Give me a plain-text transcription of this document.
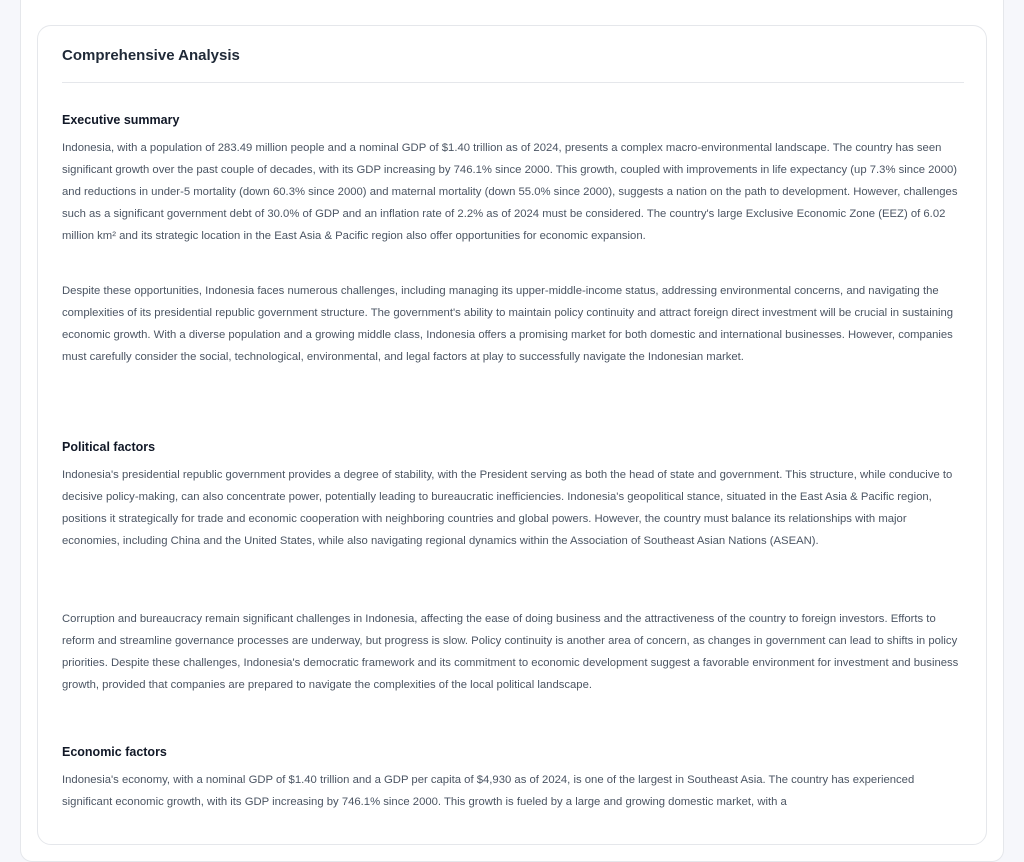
Comprehensive Analysis
Executive summary

Indonesia, with a population of 283.49 million people and a nominal GDP of $1.40 trillion as of 2024, presents a complex macro-environmental landscape. The country has seen significant growth over the past couple of decades, with its GDP increasing by 746.1% since 2000. This growth, coupled with improvements in life expectancy (up 7.3% since 2000) and reductions in under-5 mortality (down 60.3% since 2000) and maternal mortality (down 55.0% since 2000), suggests a nation on the path to development. However, challenges such as a significant government debt of 30.0% of GDP and an inflation rate of 2.2% as of 2024 must be considered. The country's large Exclusive Economic Zone (EEZ) of 6.02 million km² and its strategic location in the East Asia & Pacific region also offer opportunities for economic expansion.

Despite these opportunities, Indonesia faces numerous challenges, including managing its upper-middle-income status, addressing environmental concerns, and navigating the complexities of its presidential republic government structure. The government's ability to maintain policy continuity and attract foreign direct investment will be crucial in sustaining economic growth. With a diverse population and a growing middle class, Indonesia offers a promising market for both domestic and international businesses. However, companies must carefully consider the social, technological, environmental, and legal factors at play to successfully navigate the Indonesian market.

Political factors

Indonesia's presidential republic government provides a degree of stability, with the President serving as both the head of state and government. This structure, while conducive to decisive policy-making, can also concentrate power, potentially leading to bureaucratic inefficiencies. Indonesia's geopolitical stance, situated in the East Asia & Pacific region, positions it strategically for trade and economic cooperation with neighboring countries and global powers. However, the country must balance its relationships with major economies, including China and the United States, while also navigating regional dynamics within the Association of Southeast Asian Nations (ASEAN).

Corruption and bureaucracy remain significant challenges in Indonesia, affecting the ease of doing business and the attractiveness of the country to foreign investors. Efforts to reform and streamline governance processes are underway, but progress is slow. Policy continuity is another area of concern, as changes in government can lead to shifts in policy priorities. Despite these challenges, Indonesia's democratic framework and its commitment to economic development suggest a favorable environment for investment and business growth, provided that companies are prepared to navigate the complexities of the local political landscape.

Economic factors

Indonesia's economy, with a nominal GDP of $1.40 trillion and a GDP per capita of $4,930 as of 2024, is one of the largest in Southeast Asia. The country has experienced significant economic growth, with its GDP increasing by 746.1% since 2000. This growth is fueled by a large and growing domestic market, with a
